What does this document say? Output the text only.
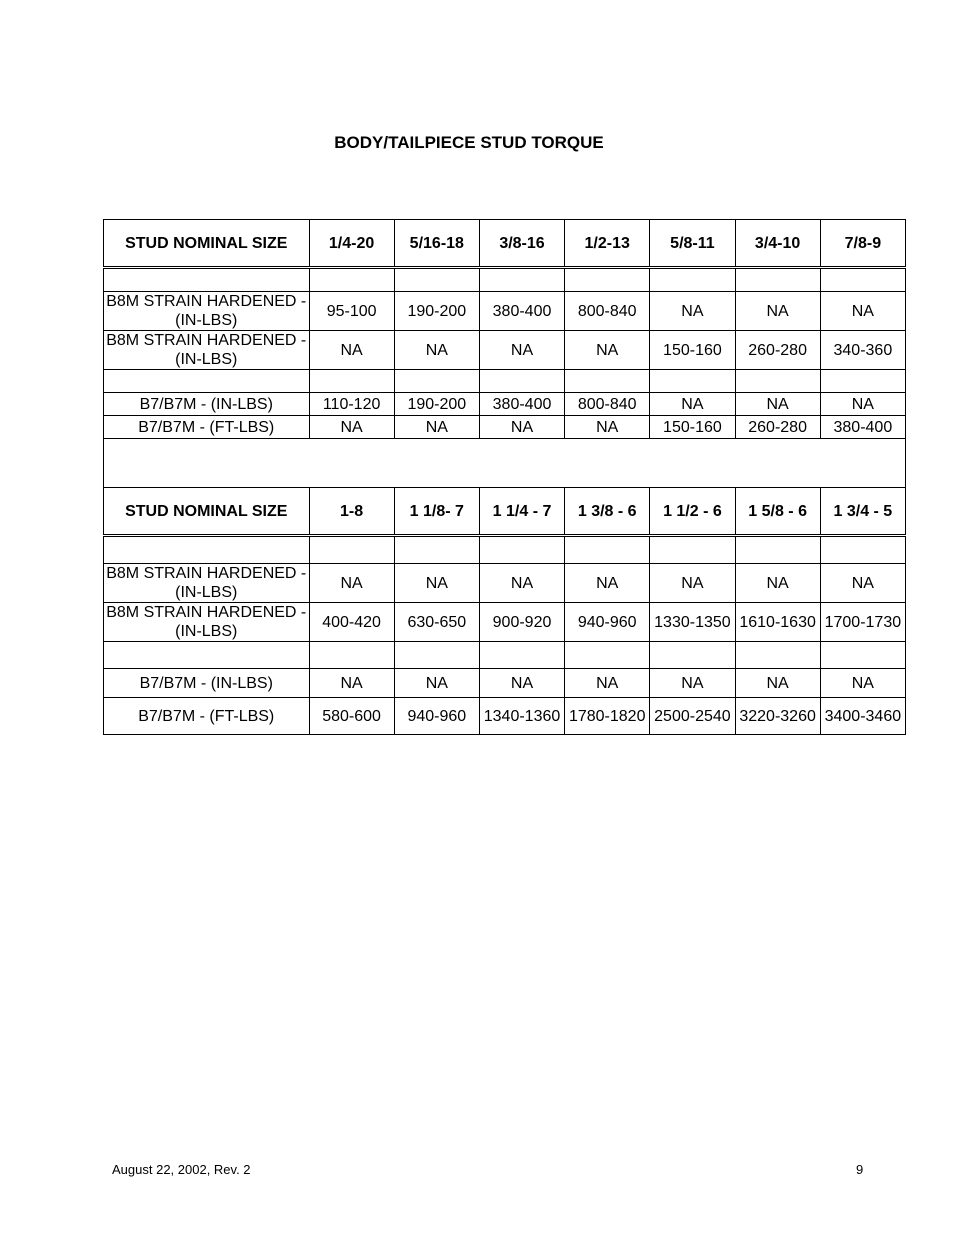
BODY/TAILPIECE STUD TORQUE
STUD NOMINAL SIZE	1/4-20	5/16-18	3/8-16	1/2-13	5/8-11	3/4-10	7/8-9

B8M STRAIN HARDENED - (IN-LBS)	95-100	190-200	380-400	800-840	NA	NA	NA
B8M STRAIN HARDENED - (IN-LBS)	NA	NA	NA	NA	150-160	260-280	340-360

B7/B7M - (IN-LBS)	110-120	190-200	380-400	800-840	NA	NA	NA
B7/B7M - (FT-LBS)	NA	NA	NA	NA	150-160	260-280	380-400

STUD NOMINAL SIZE	1-8	1 1/8- 7	1 1/4 - 7	1 3/8 - 6	1 1/2 - 6	1 5/8 - 6	1 3/4 - 5

B8M STRAIN HARDENED - (IN-LBS)	NA	NA	NA	NA	NA	NA	NA
B8M STRAIN HARDENED - (IN-LBS)	400-420	630-650	900-920	940-960	1330-1350	1610-1630	1700-1730

B7/B7M - (IN-LBS)	NA	NA	NA	NA	NA	NA	NA
B7/B7M - (FT-LBS)	580-600	940-960	1340-1360	1780-1820	2500-2540	3220-3260	3400-3460
August 22, 2002, Rev. 2	9
